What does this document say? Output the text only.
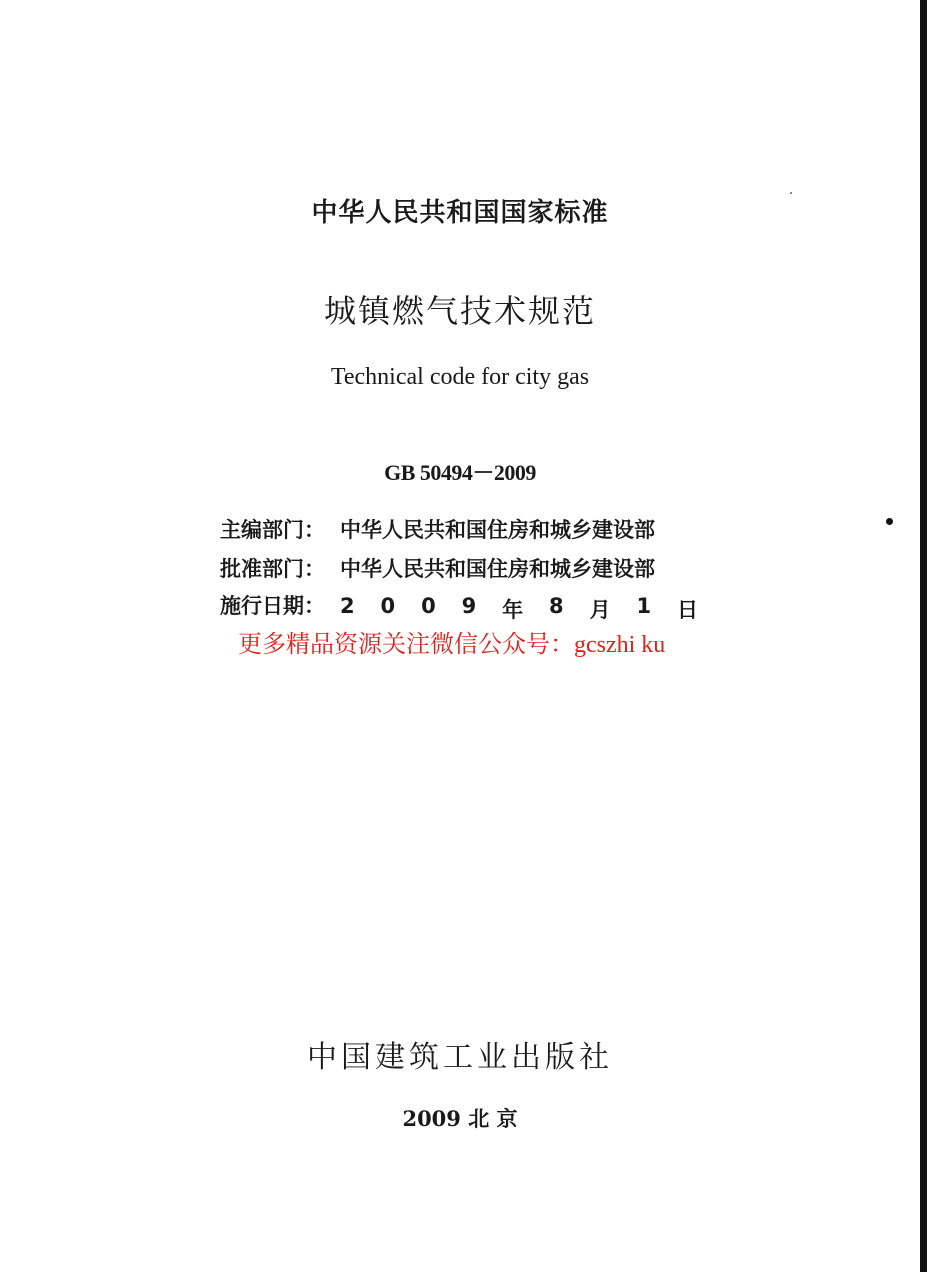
中华人民共和国国家标准
城镇燃气技术规范
Technical code for city gas
GB 50494－2009
主编部门： 中华人民共和国住房和城乡建设部
批准部门： 中华人民共和国住房和城乡建设部
施行日期： 2 0 0 9 年 8 月 1 日
更多精品资源关注微信公众号：gcszhi ku
中国建筑工业出版社
2009 北 京
